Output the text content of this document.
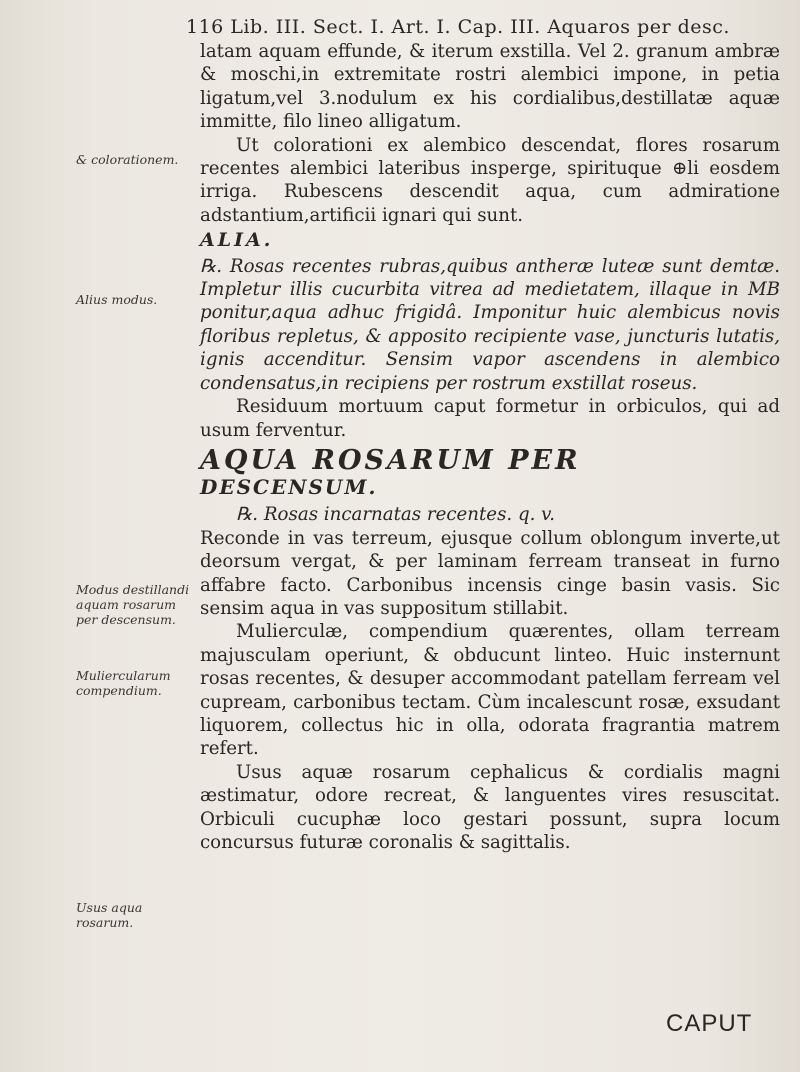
116 Lib. III. Sect. I. Art. I. Cap. III. Aquaros per desc.
& colorationem.
Alius modus.
Modus destillandi aquam rosarum per descensum.
Muliercularum compendium.
Usus aqua rosarum.

latam aquam effunde, & iterum exstilla. Vel 2. granum ambræ & moschi,in extremitate rostri alembici impone, in petia ligatum,vel 3.nodulum ex his cordialibus,destillatæ aquæ immitte, filo lineo alligatum.

Ut colorationi ex alembico descendat, flores rosarum recentes alembici lateribus insperge, spirituque ⊕li eosdem irriga. Rubescens descendit aqua, cum admiratione adstantium,artificii ignari qui sunt.

ALIA.

℞. Rosas recentes rubras,quibus antheræ luteæ sunt demtæ. Impletur illis cucurbita vitrea ad medietatem, illaque in MB ponitur,aqua adhuc frigidâ. Imponitur huic alembicus novis floribus repletus, & apposito recipiente vase, juncturis lutatis, ignis accenditur. Sensim vapor ascendens in alembico condensatus,in recipiens per rostrum exstillat roseus.

Residuum mortuum caput formetur in orbiculos, qui ad usum ferventur.

AQUA ROSARUM PER

DESCENSUM.

℞. Rosas incarnatas recentes. q. v.

Reconde in vas terreum, ejusque collum oblongum inverte,ut deorsum vergat, & per laminam ferream transeat in furno affabre facto. Carbonibus incensis cinge basin vasis. Sic sensim aqua in vas suppositum stillabit.

Mulierculæ, compendium quærentes, ollam terream majusculam operiunt, & obducunt linteo. Huic insternunt rosas recentes, & desuper accommodant patellam ferream vel cupream, carbonibus tectam. Cùm incalescunt rosæ, exsudant liquorem, collectus hic in olla, odorata fragrantia matrem refert.

Usus aquæ rosarum cephalicus & cordialis magni æstimatur, odore recreat, & languentes vires resuscitat. Orbiculi cucuphæ loco gestari possunt, supra locum concursus futuræ coronalis & sagittalis.

CAPUT
